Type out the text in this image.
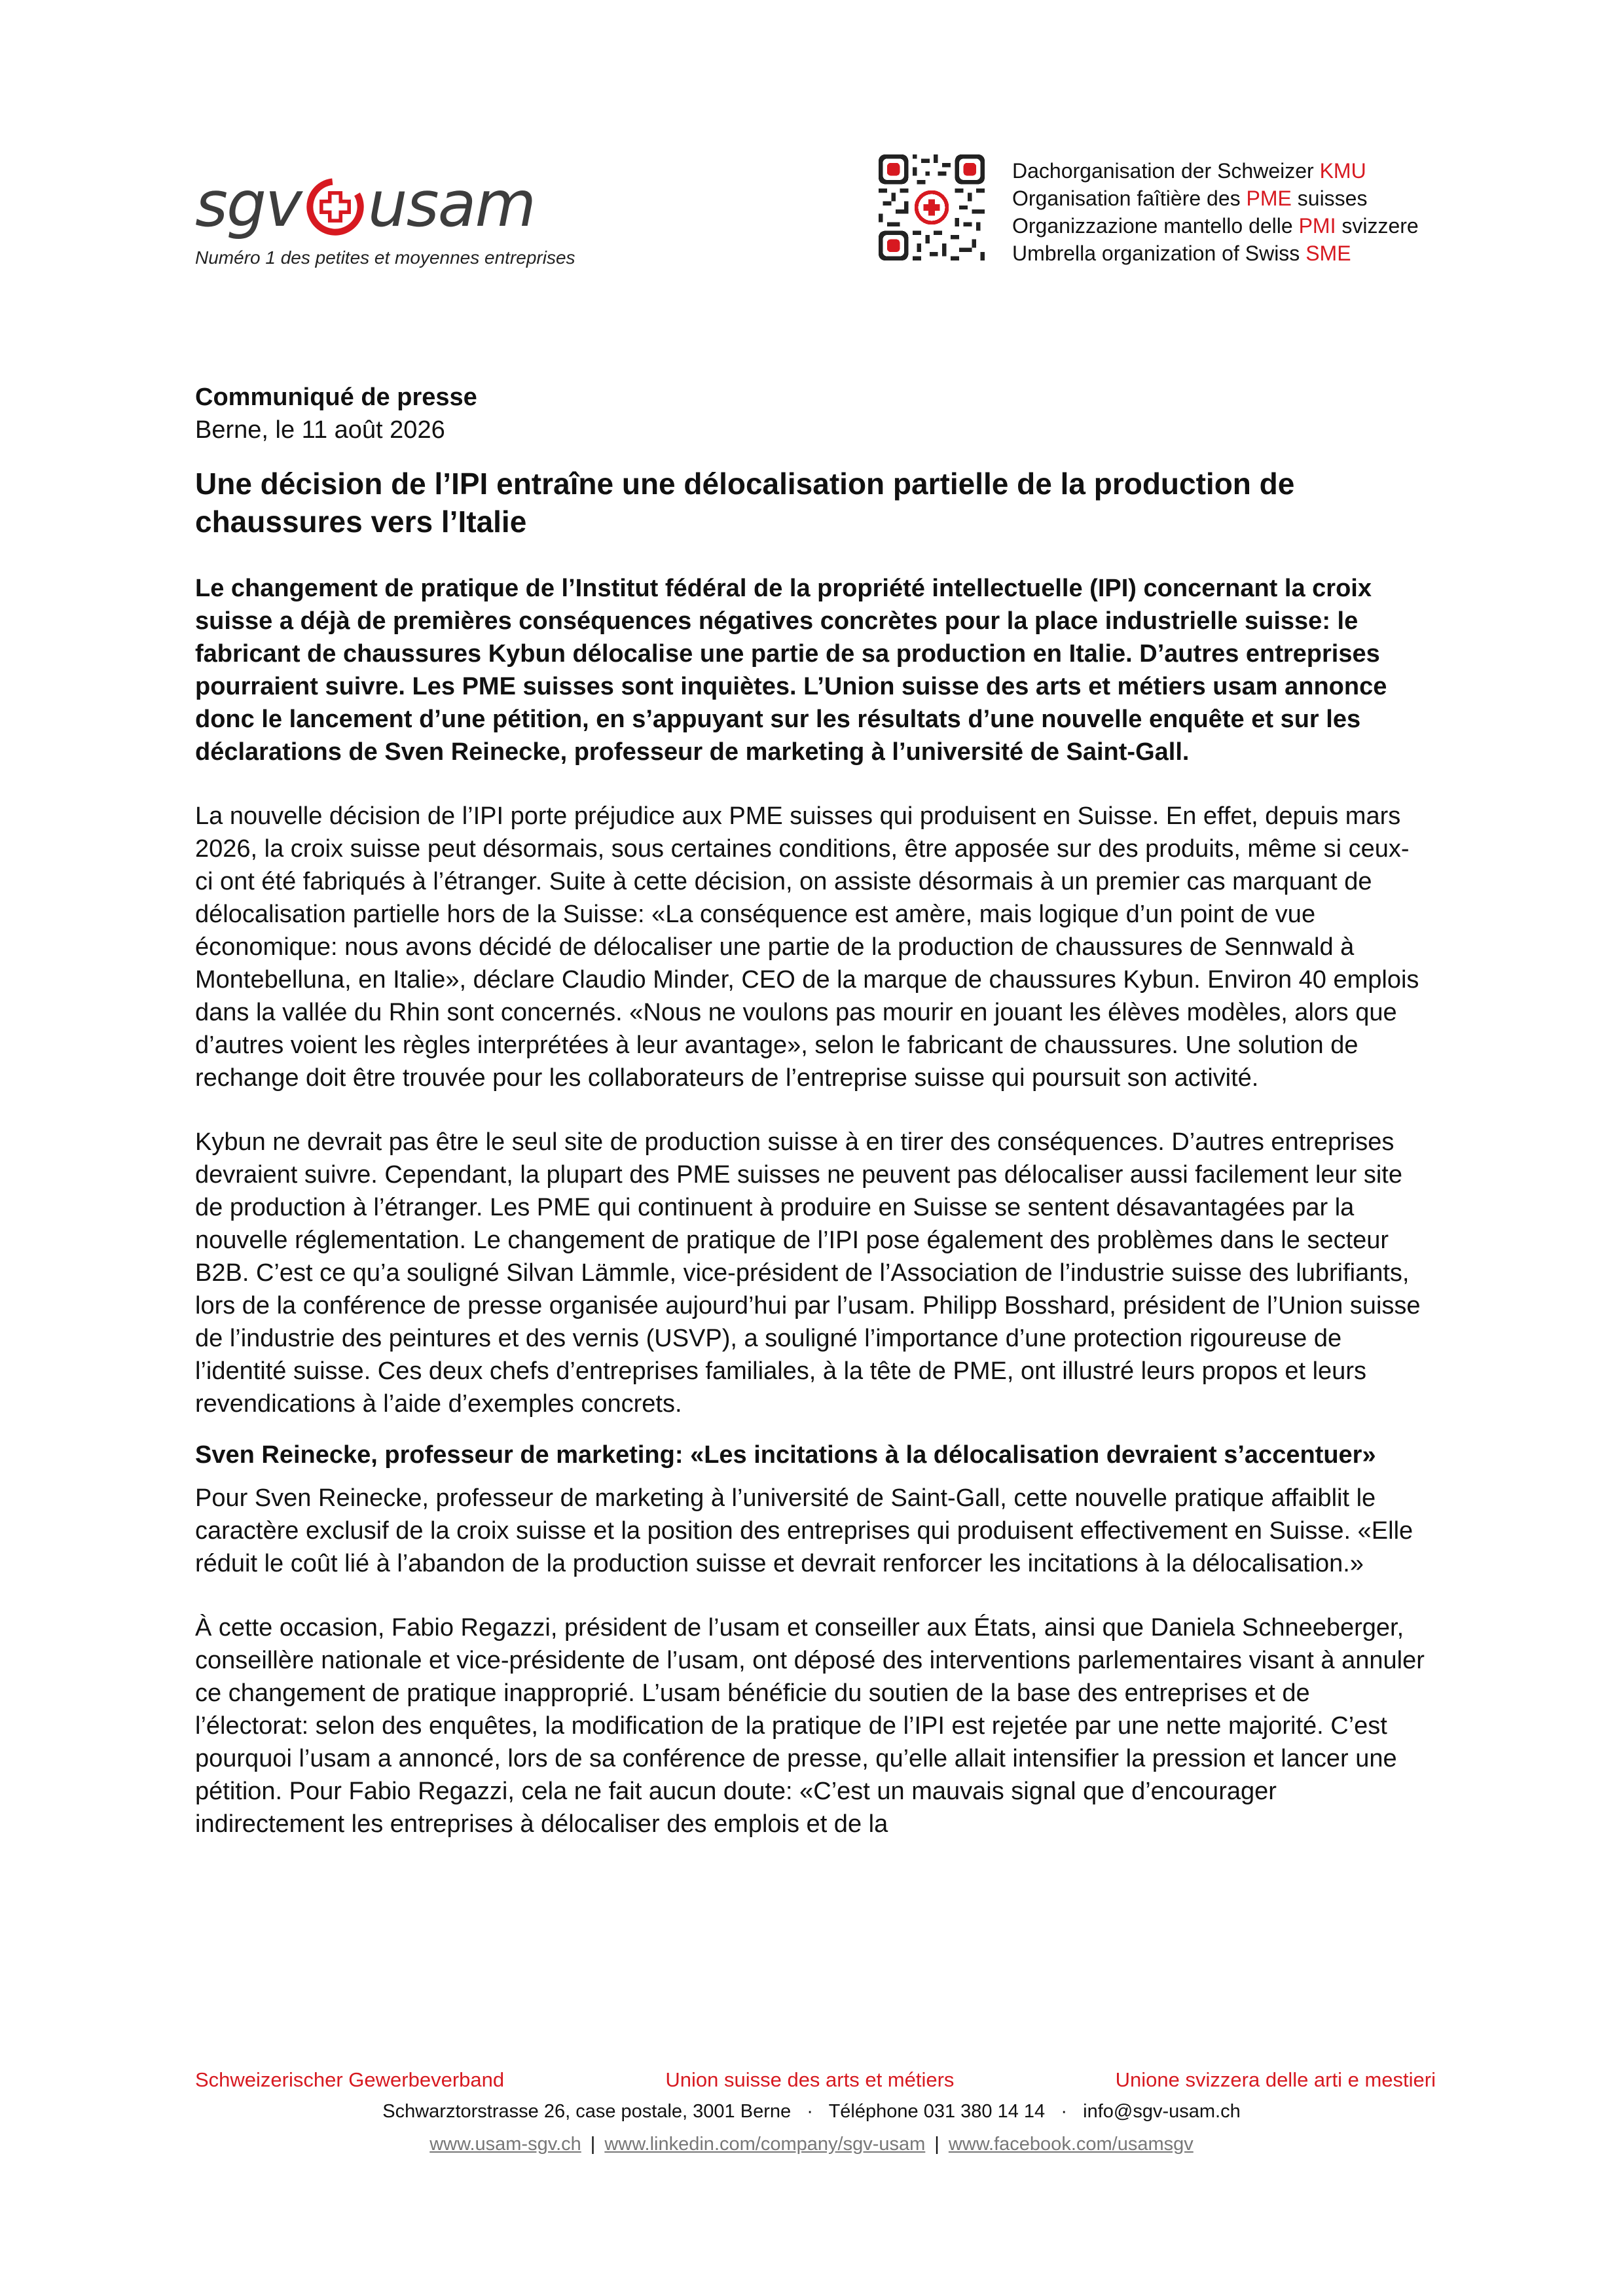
sgv usam
Numéro 1 des petites et moyennes entreprises
Dachorganisation der Schweizer KMU
Organisation faîtière des PME suisses
Organizzazione mantello delle PMI svizzere
Umbrella organization of Swiss SME

Communiqué de presse

Berne, le 11 août 2026

Une décision de l’IPI entraîne une délocalisation partielle de la production de chaussures vers l’Italie

Le changement de pratique de l’Institut fédéral de la propriété intellectuelle (IPI) concernant la croix suisse a déjà de premières conséquences négatives concrètes pour la place industrielle suisse: le fabricant de chaussures Kybun délocalise une partie de sa production en Italie. D’autres entreprises pourraient suivre. Les PME suisses sont inquiètes. L’Union suisse des arts et métiers usam annonce donc le lancement d’une pétition, en s’appuyant sur les résultats d’une nouvelle enquête et sur les déclarations de Sven Reinecke, professeur de marketing à l’université de Saint-Gall.

La nouvelle décision de l’IPI porte préjudice aux PME suisses qui produisent en Suisse. En effet, depuis mars 2026, la croix suisse peut désormais, sous certaines conditions, être apposée sur des produits, même si ceux-ci ont été fabriqués à l’étranger. Suite à cette décision, on assiste désormais à un premier cas marquant de délocalisation partielle hors de la Suisse: «La conséquence est amère, mais logique d’un point de vue économique: nous avons décidé de délocaliser une partie de la production de chaussures de Sennwald à Montebelluna, en Italie», déclare Claudio Minder, CEO de la marque de chaussures Kybun. Environ 40 emplois dans la vallée du Rhin sont concernés. «Nous ne voulons pas mourir en jouant les élèves modèles, alors que d’autres voient les règles interprétées à leur avantage», selon le fabricant de chaussures. Une solution de rechange doit être trouvée pour les collaborateurs de l’entreprise suisse qui poursuit son activité.

Kybun ne devrait pas être le seul site de production suisse à en tirer des conséquences. D’autres entreprises devraient suivre. Cependant, la plupart des PME suisses ne peuvent pas délocaliser aussi facilement leur site de production à l’étranger. Les PME qui continuent à produire en Suisse se sentent désavantagées par la nouvelle réglementation. Le changement de pratique de l’IPI pose également des problèmes dans le secteur B2B. C’est ce qu’a souligné Silvan Lämmle, vice-président de l’Association de l’industrie suisse des lubrifiants, lors de la conférence de presse organisée aujourd’hui par l’usam. Philipp Bosshard, président de l’Union suisse de l’industrie des peintures et des vernis (USVP), a souligné l’importance d’une protection rigoureuse de l’identité suisse. Ces deux chefs d’entreprises familiales, à la tête de PME, ont illustré leurs propos et leurs revendications à l’aide d’exemples concrets.

Sven Reinecke, professeur de marketing: «Les incitations à la délocalisation devraient s’accentuer»

Pour Sven Reinecke, professeur de marketing à l’université de Saint-Gall, cette nouvelle pratique affaiblit le caractère exclusif de la croix suisse et la position des entreprises qui produisent effectivement en Suisse. «Elle réduit le coût lié à l’abandon de la production suisse et devrait renforcer les incitations à la délocalisation.»

À cette occasion, Fabio Regazzi, président de l’usam et conseiller aux États, ainsi que Daniela Schneeberger, conseillère nationale et vice-présidente de l’usam, ont déposé des interventions parlementaires visant à annuler ce changement de pratique inapproprié. L’usam bénéficie du soutien de la base des entreprises et de l’électorat: selon des enquêtes, la modification de la pratique de l’IPI est rejetée par une nette majorité. C’est pourquoi l’usam a annoncé, lors de sa conférence de presse, qu’elle allait intensifier la pression et lancer une pétition. Pour Fabio Regazzi, cela ne fait aucun doute: «C’est un mauvais signal que d’encourager indirectement les entreprises à délocaliser des emplois et de la

Schweizerischer Gewerbeverband	Union suisse des arts et métiers	Unione svizzera delle arti e mestieri
Schwarztorstrasse 26, case postale, 3001 Berne   ·   Téléphone 031 380 14 14   ·   info@sgv-usam.ch
www.usam-sgv.ch | www.linkedin.com/company/sgv-usam | www.facebook.com/usamsgv
